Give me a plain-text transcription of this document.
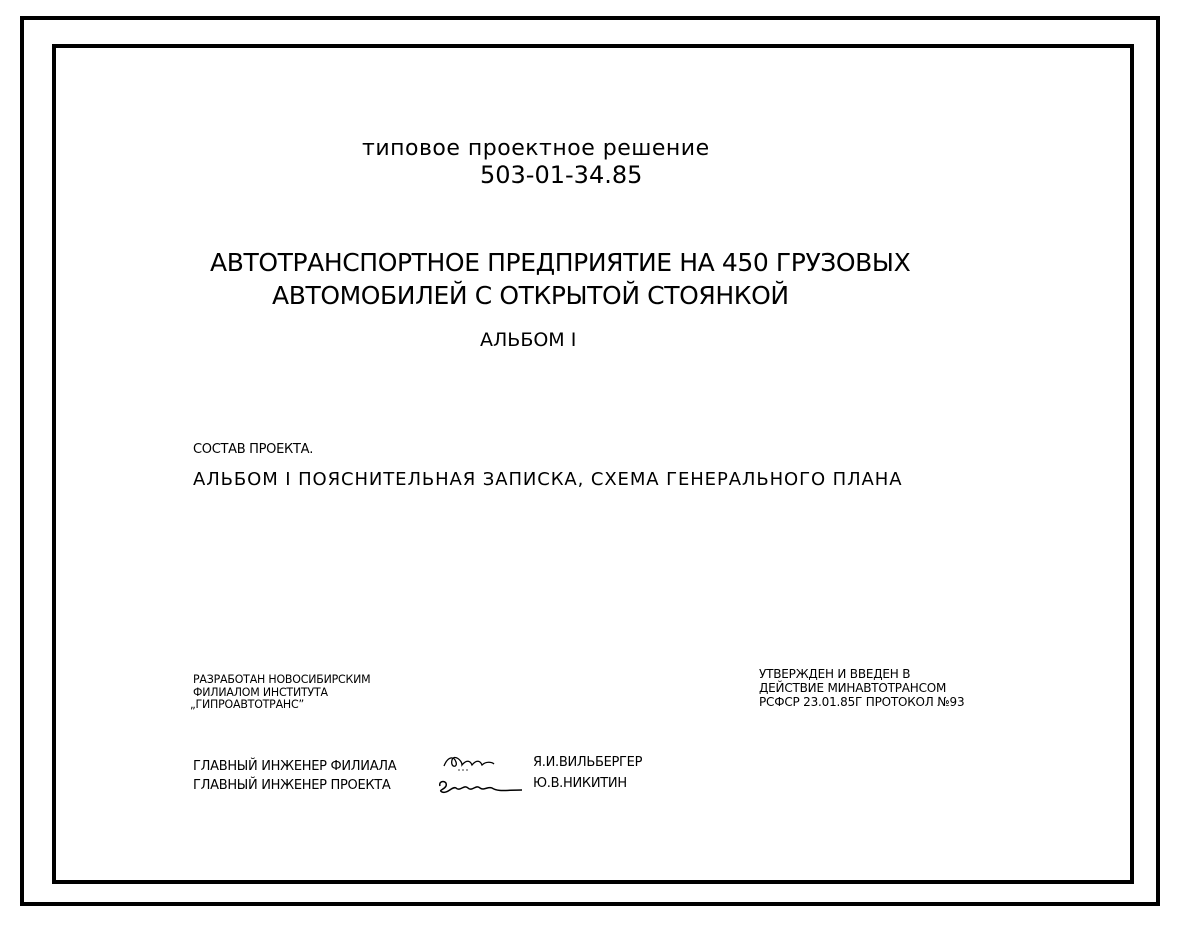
типовое проектное решение
503-01-34.85
АВТОТРАНСПОРТНОЕ ПРЕДПРИЯТИЕ НА 450 ГРУЗОВЫХ
АВТОМОБИЛЕЙ С ОТКРЫТОЙ СТОЯНКОЙ
АЛЬБОМ I
СОСТАВ ПРОЕКТА.
АЛЬБОМ I ПОЯСНИТЕЛЬНАЯ ЗАПИСКА, СХЕМА ГЕНЕРАЛЬНОГО ПЛАНА
РАЗРАБОТАН НОВОСИБИРСКИМ
ФИЛИАЛОМ ИНСТИТУТА
„ГИПРОАВТОТРАНС”
УТВЕРЖДЕН И ВВЕДЕН В
ДЕЙСТВИЕ МИНАВТОТРАНСОМ
РСФСР 23.01.85Г ПРОТОКОЛ №93
ГЛАВНЫЙ ИНЖЕНЕР ФИЛИАЛА
ГЛАВНЫЙ ИНЖЕНЕР ПРОЕКТА
Я.И.ВИЛЬБЕРГЕР
Ю.В.НИКИТИН
